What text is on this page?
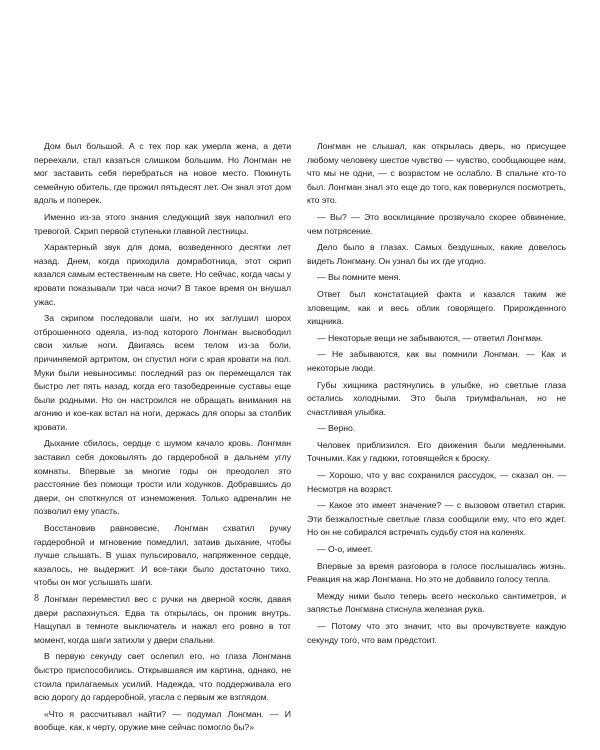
Дом был большой. А с тех пор как умерла жена, а дети переехали, стал казаться слишком большим. Но Лонгман не мог заставить себя перебраться на новое место. Покинуть семейную обитель, где прожил пятьдесят лет. Он знал этот дом вдоль и поперек.

Именно из-за этого знания следующий звук наполнил его тревогой. Скрип первой ступеньки главной лестницы.

Характерный звук для дома, возведенного десятки лет назад. Днем, когда приходила домработница, этот скрип казался самым естественным на свете. Но сейчас, когда часы у кровати показывали три часа ночи? В такое время он внушал ужас.

За скрипом последовали шаги, но их заглушил шорох отброшенного одеяла, из-под которого Лонгман высвободил свои хилые ноги. Двигаясь всем телом из-за боли, причиняемой артритом, он спустил ноги с края кровати на пол. Муки были невыносимы: последний раз он перемещался так быстро лет пять назад, когда его тазобедренные суставы еще были родными. Но он настроился не обращать внимания на агонию и кое-как встал на ноги, держась для опоры за столбик кровати.

Дыхание сбилось, сердце с шумом качало кровь. Лонгман заставил себя доковылять до гардеробной в дальнем углу комнаты. Впервые за многие годы он преодолел это расстояние без помощи трости или ходунков. Добравшись до двери, он споткнулся от изнеможения. Только адреналин не позволил ему упасть.

Восстановив равновесие, Лонгман схватил ручку гардеробной и мгновение помедлил, затаив дыхание, чтобы лучше слышать. В ушах пульсировало, напряженное сердце, казалось, не выдержит. И все-таки было достаточно тихо, чтобы он мог услышать шаги.

Лонгман переместил вес с ручки на дверной косяк, давая двери распахнуться. Едва та открылась, он проник внутрь. Нащупал в темноте выключатель и нажал его ровно в тот момент, когда шаги затихли у двери спальни.

В первую секунду свет ослепил его, но глаза Лонгмана быстро приспособились. Открывшаяся им картина, однако, не стоила прилагаемых усилий. Надежда, что поддерживала его всю дорогу до гардеробной, угасла с первым же взглядом.

«Что я рассчитывал найти? — подумал Лонгман. — И вообще, как, к черту, оружие мне сейчас помогло бы?»

8

Лонгман не слышал, как открылась дверь, но присущее любому человеку шестое чувство — чувство, сообщающее нам, что мы не одни, — с возрастом не ослабло. В спальне кто-то был. Лонгман знал это еще до того, как повернулся посмотреть, кто это.

— Вы? — Это восклицание прозвучало скорее обвинение, чем потрясение.

Дело было в глазах. Самых бездушных, какие довелось видеть Лонгману. Он узнал бы их где угодно.

— Вы помните меня.

Ответ был констатацией факта и казался таким же зловещим, как и весь облик говорящего. Прирожденного хищника.

— Некоторые вещи не забываются, — ответил Лонгман.

— Не забываются, как вы помнили Лонгман. — Как и некоторые люди.

Губы хищника растянулись в улыбке, но светлые глаза остались холодными. Это была триумфальная, но не счастливая улыбка.

— Верно.

Человек приблизился. Его движения были медленными. Точными. Как у гадюки, готовящейся к броску.

— Хорошо, что у вас сохранился рассудок, — сказал он. — Несмотря на возраст.

— Какое это имеет значение? — с вызовом ответил старик. Эти безжалостные светлые глаза сообщили ему, что его ждет. Но он не собирался встречать судьбу стоя на коленях.

— О-о, имеет.

Впервые за время разговора в голосе послышалась жизнь. Реакция на жар Лонгмана. Но это не добавило голосу тепла.

Между ними было теперь всего несколько сантиметров, и запястье Лонгмана стиснула железная рука.

— Потому что это значит, что вы прочувствуете каждую секунду того, что вам предстоит.
